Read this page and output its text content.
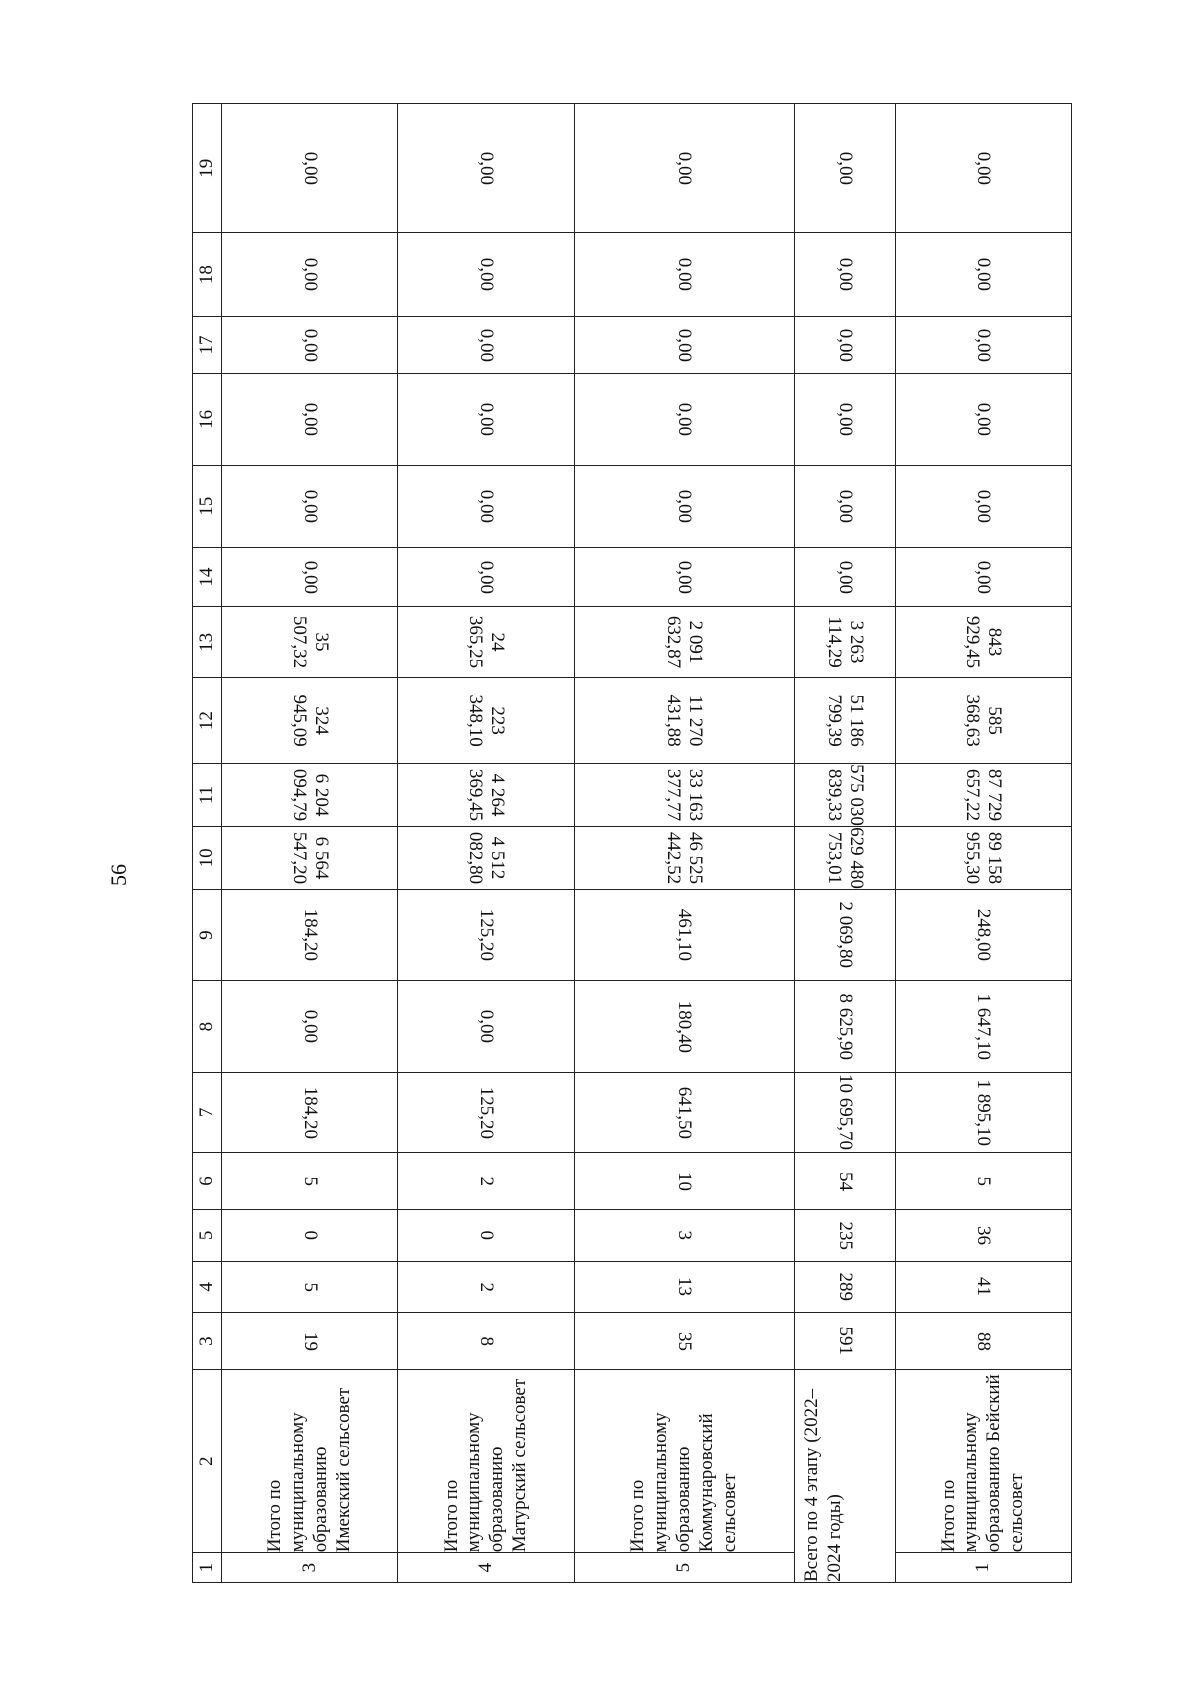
56
1	2	3	4	5	6	7	8	9	10	11	12	13	14	15	16	17	18	19
3	Итого по муниципальному образованию Имекский сельсовет	19	5	0	5	184,20	0,00	184,20	6 564 547,20	6 204 094,79	324 945,09	35 507,32	0,00	0,00	0,00	0,00	0,00	0,00
4	Итого по муниципальному образованию Матурский сельсовет	8	2	0	2	125,20	0,00	125,20	4 512 082,80	4 264 369,45	223 348,10	24 365,25	0,00	0,00	0,00	0,00	0,00	0,00
5	Итого по муниципальному образованию Коммунаровский сельсовет	35	13	3	10	641,50	180,40	461,10	46 525 442,52	33 163 377,77	11 270 431,88	2 091 632,87	0,00	0,00	0,00	0,00	0,00	0,00
Всего по 4 этапу (2022–2024 годы)		591	289	235	54	10 695,70	8 625,90	2 069,80	629 480 753,01	575 030 839,33	51 186 799,39	3 263 114,29	0,00	0,00	0,00	0,00	0,00	0,00
1	Итого по муниципальному образованию Бейский сельсовет	88	41	36	5	1 895,10	1 647,10	248,00	89 158 955,30	87 729 657,22	585 368,63	843 929,45	0,00	0,00	0,00	0,00	0,00	0,00
